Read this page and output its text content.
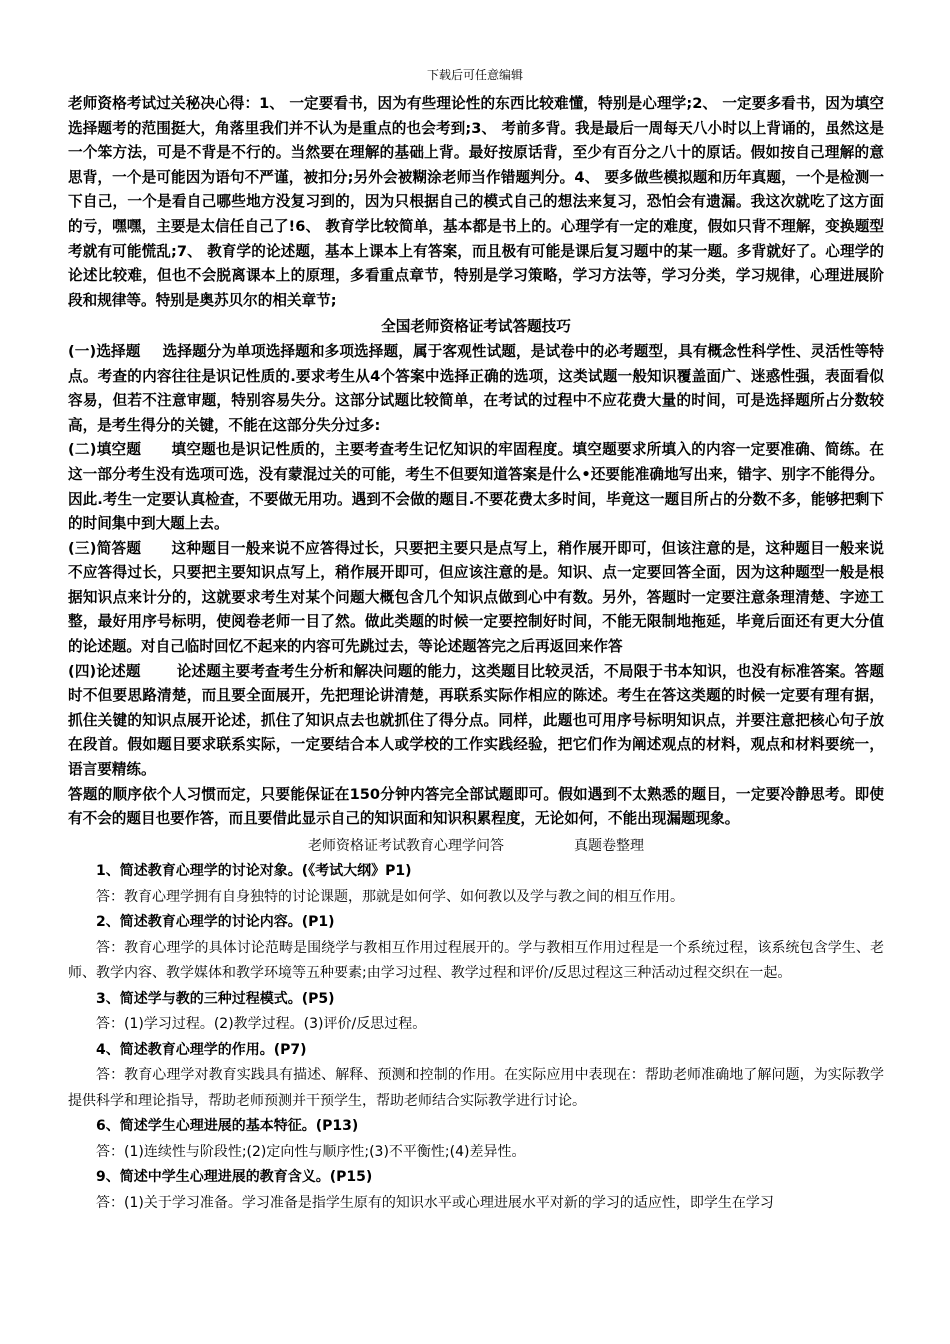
下载后可任意编辑

老师资格考试过关秘决心得：1、 一定要看书，因为有些理论性的东西比较难懂，特别是心理学;2、 一定要多看书，因为填空选择题考的范围挺大，角落里我们并不认为是重点的也会考到;3、 考前多背。我是最后一周每天八小时以上背诵的，虽然这是一个笨方法，可是不背是不行的。当然要在理解的基础上背。最好按原话背，至少有百分之八十的原话。假如按自己理解的意思背，一个是可能因为语句不严谨，被扣分;另外会被糊涂老师当作错题判分。4、 要多做些模拟题和历年真题，一个是检测一下自己，一个是看自己哪些地方没复习到的，因为只根据自己的模式自己的想法来复习，恐怕会有遗漏。我这次就吃了这方面的亏，嘿嘿，主要是太信任自己了!6、 教育学比较简单，基本都是书上的。心理学有一定的难度，假如只背不理解，变换题型考就有可能慌乱;7、 教育学的论述题，基本上课本上有答案，而且极有可能是课后复习题中的某一题。多背就好了。心理学的论述比较难，但也不会脱离课本上的原理，多看重点章节，特别是学习策略，学习方法等，学习分类，学习规律，心理进展阶段和规律等。特别是奥苏贝尔的相关章节;

全国老师资格证考试答题技巧

(一)选择题 选择题分为单项选择题和多项选择题，属于客观性试题，是试卷中的必考题型，具有概念性科学性、灵活性等特点。考查的内容往往是识记性质的.要求考生从4个答案中选择正确的选项，这类试题一般知识覆盖面广、迷惑性强，表面看似容易，但若不注意审题，特别容易失分。这部分试题比较简单，在考试的过程中不应花费大量的时间，可是选择题所占分数较高，是考生得分的关键，不能在这部分失分过多:

(二)填空题 填空题也是识记性质的，主要考查考生记忆知识的牢固程度。填空题要求所填入的内容一定要准确、简练。在这一部分考生没有选项可选，没有蒙混过关的可能，考生不但要知道答案是什么•还要能准确地写出来，错字、别字不能得分。因此.考生一定要认真检查，不要做无用功。遇到不会做的题目.不要花费太多时间，毕竟这一题目所占的分数不多，能够把剩下的时间集中到大题上去。

(三)简答题 这种题目一般来说不应答得过长，只要把主要只是点写上，稍作展开即可，但该注意的是，这种题目一般来说不应答得过长，只要把主要知识点写上，稍作展开即可，但应该注意的是。知识、点一定要回答全面，因为这种题型一般是根据知识点来计分的，这就要求考生对某个问题大概包含几个知识点做到心中有数。另外，答题时一定要注意条理清楚、字迹工整，最好用序号标明，使阅卷老师一目了然。做此类题的时候一定要控制好时间，不能无限制地拖延，毕竟后面还有更大分值的论述题。对自己临时回忆不起来的内容可先跳过去，等论述题答完之后再返回来作答

(四)论述题 论述题主要考查考生分析和解决问题的能力，这类题目比较灵活，不局限于书本知识，也没有标准答案。答题时不但要思路清楚，而且要全面展开，先把理论讲清楚，再联系实际作相应的陈述。考生在答这类题的时候一定要有理有据，抓住关键的知识点展开论述，抓住了知识点去也就抓住了得分点。同样，此题也可用序号标明知识点，并要注意把核心句子放在段首。假如题目要求联系实际，一定要结合本人或学校的工作实践经验，把它们作为阐述观点的材料，观点和材料要统一，语言要精练。

答题的顺序依个人习惯而定，只要能保证在150分钟内答完全部试题即可。假如遇到不太熟悉的题目，一定要冷静思考。即使有不会的题目也要作答，而且要借此显示自己的知识面和知识积累程度，无论如何，不能出现漏题现象。

老师资格证考试教育心理学问答	真题卷整理

1、简述教育心理学的讨论对象。(《考试大纲》P1)

答：教育心理学拥有自身独特的讨论课题，那就是如何学、如何教以及学与教之间的相互作用。

2、简述教育心理学的讨论内容。(P1)

答：教育心理学的具体讨论范畴是围绕学与教相互作用过程展开的。学与教相互作用过程是一个系统过程，该系统包含学生、老师、教学内容、教学媒体和教学环境等五种要素;由学习过程、教学过程和评价/反思过程这三种活动过程交织在一起。

3、简述学与教的三种过程模式。(P5)

答：(1)学习过程。(2)教学过程。(3)评价/反思过程。

4、简述教育心理学的作用。(P7)

答：教育心理学对教育实践具有描述、解释、预测和控制的作用。在实际应用中表现在：帮助老师准确地了解问题，为实际教学提供科学和理论指导，帮助老师预测并干预学生，帮助老师结合实际教学进行讨论。

6、简述学生心理进展的基本特征。(P13)

答：(1)连续性与阶段性;(2)定向性与顺序性;(3)不平衡性;(4)差异性。

9、简述中学生心理进展的教育含义。(P15)

答：(1)关于学习准备。学习准备是指学生原有的知识水平或心理进展水平对新的学习的适应性，即学生在学习
